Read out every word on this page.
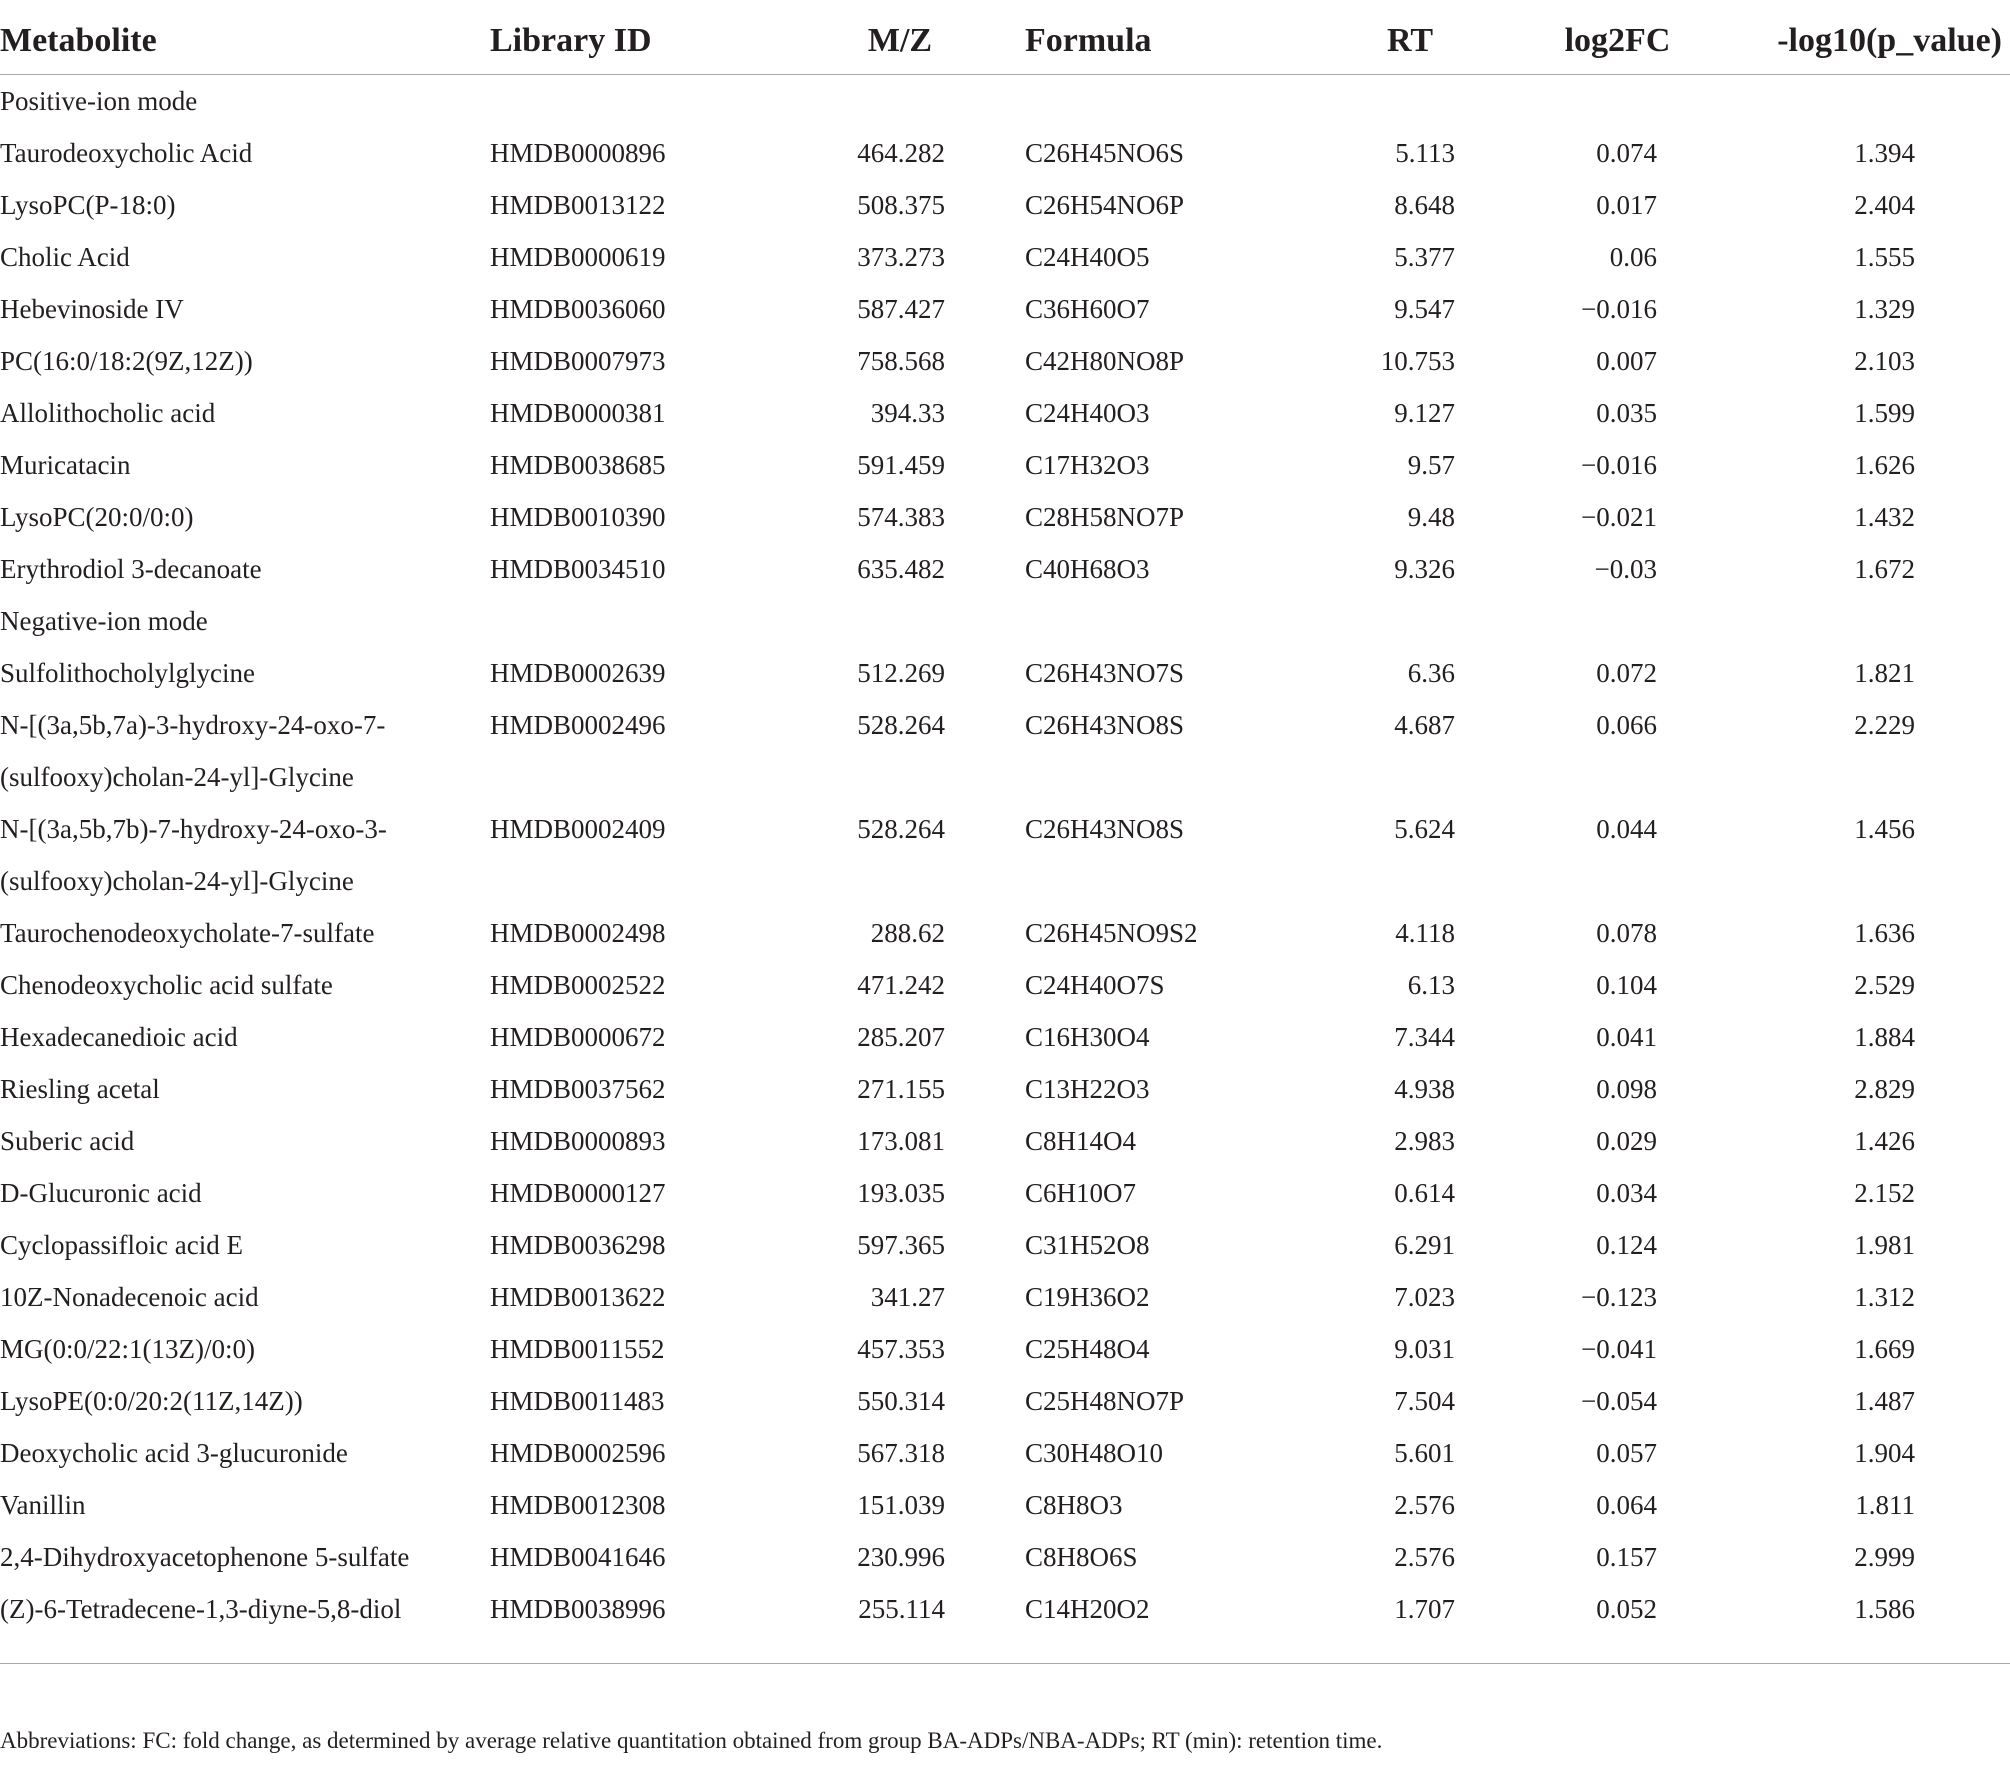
Metabolite	Library ID	M/Z	Formula	RT	log2FC	-log10(p_value)
Positive-ion mode						
Taurodeoxycholic Acid	HMDB0000896	464.282	C26H45NO6S	5.113	0.074	1.394
LysoPC(P-18:0)	HMDB0013122	508.375	C26H54NO6P	8.648	0.017	2.404
Cholic Acid	HMDB0000619	373.273	C24H40O5	5.377	0.06	1.555
Hebevinoside IV	HMDB0036060	587.427	C36H60O7	9.547	−0.016	1.329
PC(16:0/18:2(9Z,12Z))	HMDB0007973	758.568	C42H80NO8P	10.753	0.007	2.103
Allolithocholic acid	HMDB0000381	394.33	C24H40O3	9.127	0.035	1.599
Muricatacin	HMDB0038685	591.459	C17H32O3	9.57	−0.016	1.626
LysoPC(20:0/0:0)	HMDB0010390	574.383	C28H58NO7P	9.48	−0.021	1.432
Erythrodiol 3-decanoate	HMDB0034510	635.482	C40H68O3	9.326	−0.03	1.672
Negative-ion mode						
Sulfolithocholylglycine	HMDB0002639	512.269	C26H43NO7S	6.36	0.072	1.821
N-[(3a,5b,7a)-3-hydroxy-24-oxo-7-	HMDB0002496	528.264	C26H43NO8S	4.687	0.066	2.229
(sulfooxy)cholan-24-yl]-Glycine						
N-[(3a,5b,7b)-7-hydroxy-24-oxo-3-	HMDB0002409	528.264	C26H43NO8S	5.624	0.044	1.456
(sulfooxy)cholan-24-yl]-Glycine						
Taurochenodeoxycholate-7-sulfate	HMDB0002498	288.62	C26H45NO9S2	4.118	0.078	1.636
Chenodeoxycholic acid sulfate	HMDB0002522	471.242	C24H40O7S	6.13	0.104	2.529
Hexadecanedioic acid	HMDB0000672	285.207	C16H30O4	7.344	0.041	1.884
Riesling acetal	HMDB0037562	271.155	C13H22O3	4.938	0.098	2.829
Suberic acid	HMDB0000893	173.081	C8H14O4	2.983	0.029	1.426
D-Glucuronic acid	HMDB0000127	193.035	C6H10O7	0.614	0.034	2.152
Cyclopassifloic acid E	HMDB0036298	597.365	C31H52O8	6.291	0.124	1.981
10Z-Nonadecenoic acid	HMDB0013622	341.27	C19H36O2	7.023	−0.123	1.312
MG(0:0/22:1(13Z)/0:0)	HMDB0011552	457.353	C25H48O4	9.031	−0.041	1.669
LysoPE(0:0/20:2(11Z,14Z))	HMDB0011483	550.314	C25H48NO7P	7.504	−0.054	1.487
Deoxycholic acid 3-glucuronide	HMDB0002596	567.318	C30H48O10	5.601	0.057	1.904
Vanillin	HMDB0012308	151.039	C8H8O3	2.576	0.064	1.811
2,4-Dihydroxyacetophenone 5-sulfate	HMDB0041646	230.996	C8H8O6S	2.576	0.157	2.999
(Z)-6-Tetradecene-1,3-diyne-5,8-diol	HMDB0038996	255.114	C14H20O2	1.707	0.052	1.586
Abbreviations: FC: fold change, as determined by average relative quantitation obtained from group BA-ADPs/NBA-ADPs; RT (min): retention time.
